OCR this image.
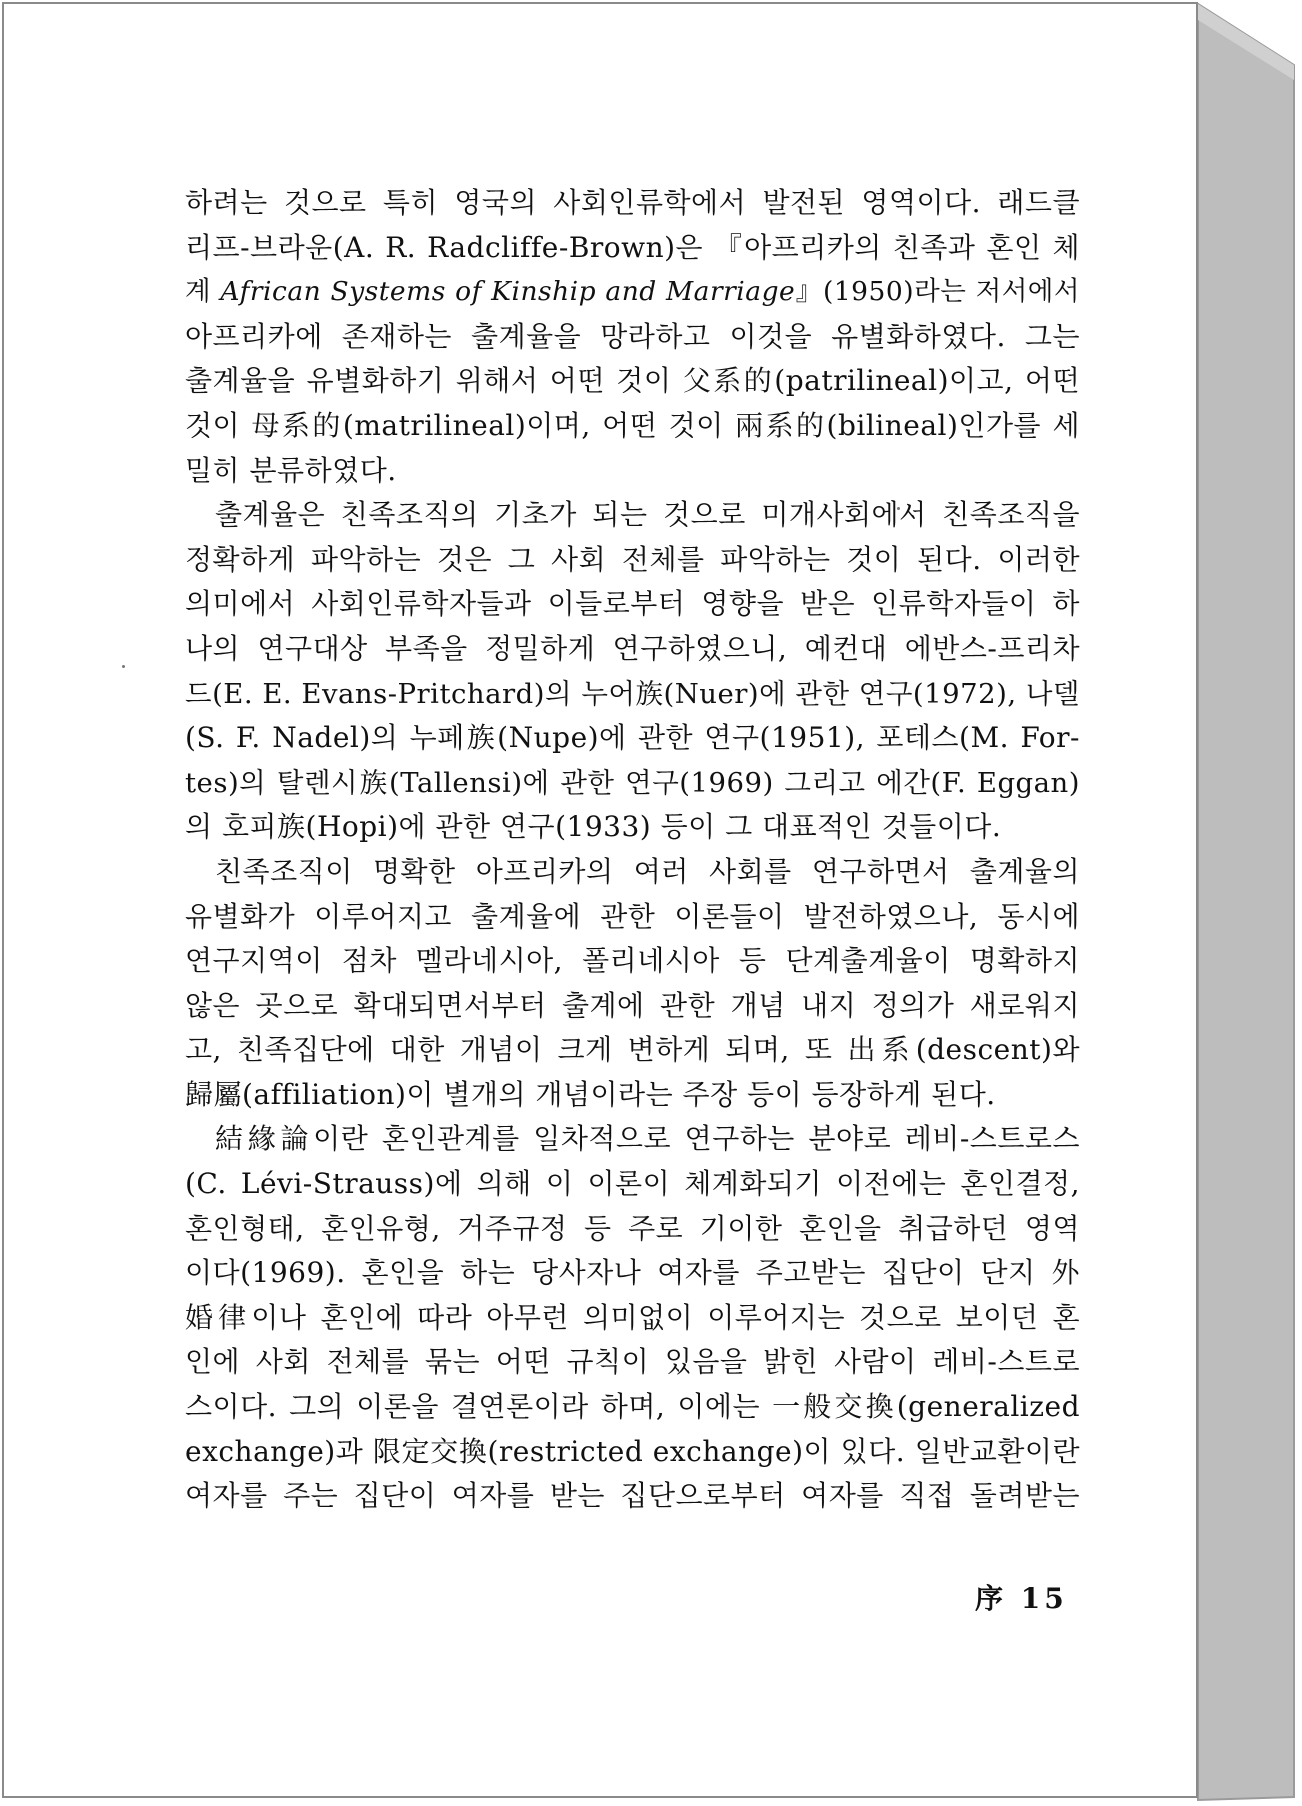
하려는 것으로 특히 영국의 사회인류학에서 발전된 영역이다. 래드클
리프-브라운(A. R. Radcliffe-Brown)은 『아프리카의 친족과 혼인 체
계 African Systems of Kinship and Marriage』(1950)라는 저서에서
아프리카에 존재하는 출계율을 망라하고 이것을 유별화하였다. 그는
출계율을 유별화하기 위해서 어떤 것이 父系的(patrilineal)이고, 어떤
것이 母系的(matrilineal)이며, 어떤 것이 兩系的(bilineal)인가를 세
밀히 분류하였다.
출계율은 친족조직의 기초가 되는 것으로 미개사회에서 친족조직을
정확하게 파악하는 것은 그 사회 전체를 파악하는 것이 된다. 이러한
의미에서 사회인류학자들과 이들로부터 영향을 받은 인류학자들이 하
나의 연구대상 부족을 정밀하게 연구하였으니, 예컨대 에반스-프리차
드(E. E. Evans-Pritchard)의 누어族(Nuer)에 관한 연구(1972), 나델
(S. F. Nadel)의 누페族(Nupe)에 관한 연구(1951), 포테스(M. For-
tes)의 탈렌시族(Tallensi)에 관한 연구(1969) 그리고 에간(F. Eggan)
의 호피族(Hopi)에 관한 연구(1933) 등이 그 대표적인 것들이다.
친족조직이 명확한 아프리카의 여러 사회를 연구하면서 출계율의
유별화가 이루어지고 출계율에 관한 이론들이 발전하였으나, 동시에
연구지역이 점차 멜라네시아, 폴리네시아 등 단계출계율이 명확하지
않은 곳으로 확대되면서부터 출계에 관한 개념 내지 정의가 새로워지
고, 친족집단에 대한 개념이 크게 변하게 되며, 또 出系(descent)와
歸屬(affiliation)이 별개의 개념이라는 주장 등이 등장하게 된다.
結緣論이란 혼인관계를 일차적으로 연구하는 분야로 레비-스트로스
(C. Lévi-Strauss)에 의해 이 이론이 체계화되기 이전에는 혼인결정,
혼인형태, 혼인유형, 거주규정 등 주로 기이한 혼인을 취급하던 영역
이다(1969). 혼인을 하는 당사자나 여자를 주고받는 집단이 단지 外
婚律이나 혼인에 따라 아무런 의미없이 이루어지는 것으로 보이던 혼
인에 사회 전체를 묶는 어떤 규칙이 있음을 밝힌 사람이 레비-스트로
스이다. 그의 이론을 결연론이라 하며, 이에는 一般交換(generalized
exchange)과 限定交換(restricted exchange)이 있다. 일반교환이란
여자를 주는 집단이 여자를 받는 집단으로부터 여자를 직접 돌려받는
序 15
